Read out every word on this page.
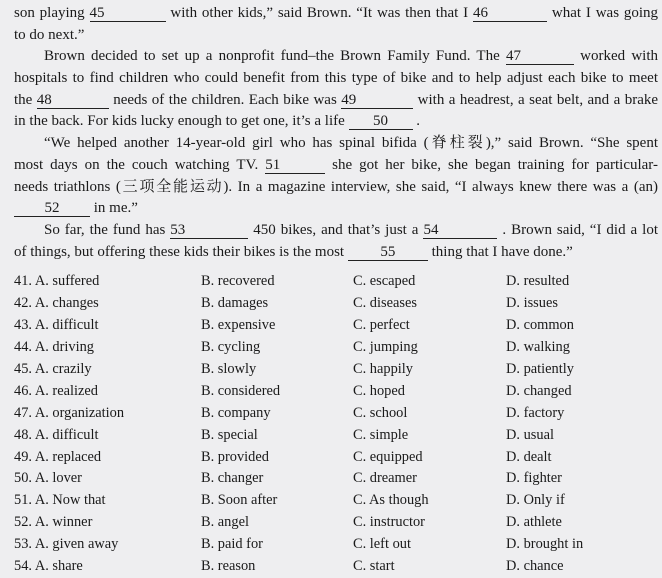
son playing 45	with other kids,” said Brown. “It was then that I 46	what I was going
to do next.”
Brown decided to set up a nonprofit fund–the Brown Family Fund. The 47	worked with
hospitals to find children who could benefit from this type of bike and to help adjust each bike to meet
the 48	needs of the children. Each bike was 49	with a headrest, a seat belt, and a brake
in the back. For kids lucky enough to get one, it’s a life 50 .
“We helped another 14-year-old girl who has spinal bifida (脊柱裂),” said Brown. “She spent
most days on the couch watching TV. 51	she got her bike, she began training for particular-
needs triathlons (三项全能运动). In a magazine interview, she said, “I always knew there was a (an)
52 in me.”
So far, the fund has 53	450 bikes, and that’s just a 54	. Brown said, “I did a lot
of things, but offering these kids their bikes is the most 55 thing that I have done.”
41. A. suffered	B. recovered	C. escaped	D. resulted
42. A. changes	B. damages	C. diseases	D. issues
43. A. difficult	B. expensive	C. perfect	D. common
44. A. driving	B. cycling	C. jumping	D. walking
45. A. crazily	B. slowly	C. happily	D. patiently
46. A. realized	B. considered	C. hoped	D. changed
47. A. organization	B. company	C. school	D. factory
48. A. difficult	B. special	C. simple	D. usual
49. A. replaced	B. provided	C. equipped	D. dealt
50. A. lover	B. changer	C. dreamer	D. fighter
51. A. Now that	B. Soon after	C. As though	D. Only if
52. A. winner	B. angel	C. instructor	D. athlete
53. A. given away	B. paid for	C. left out	D. brought in
54. A. share	B. reason	C. start	D. chance
